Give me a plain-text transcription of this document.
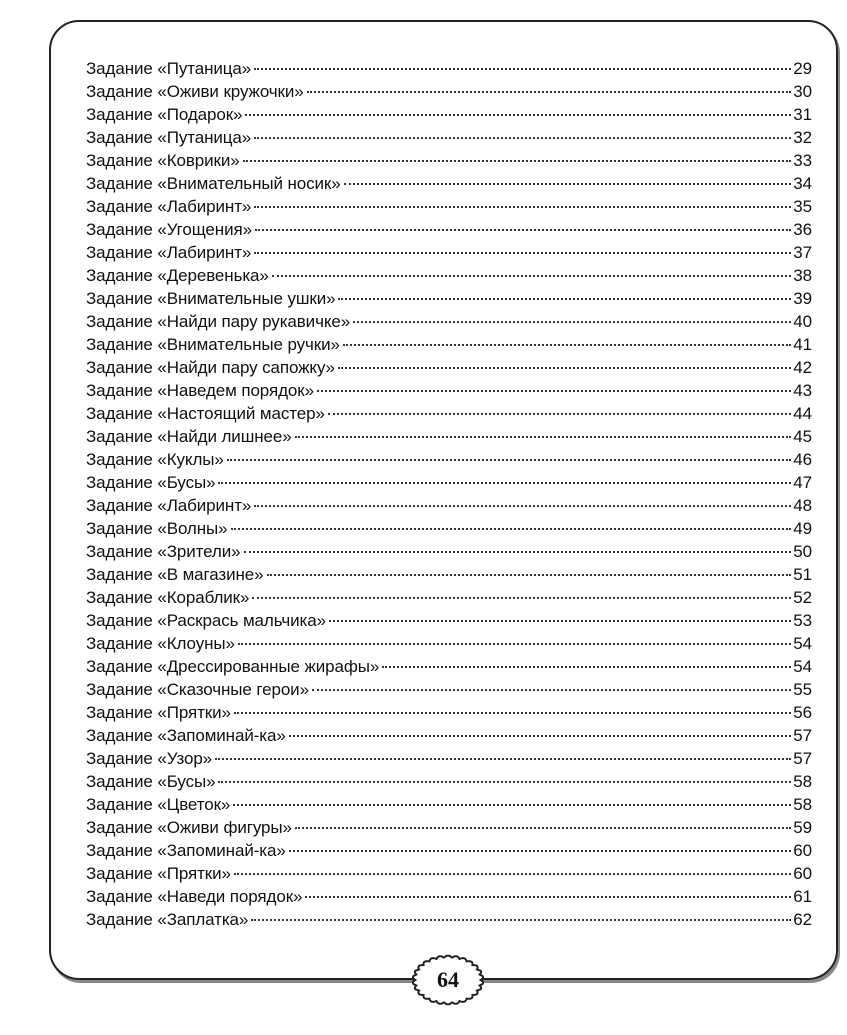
Задание «Путаница»	29
Задание «Оживи кружочки»	30
Задание «Подарок»	31
Задание «Путаница»	32
Задание «Коврики»	33
Задание «Внимательный носик»	34
Задание «Лабиринт»	35
Задание «Угощения»	36
Задание «Лабиринт»	37
Задание «Деревенька»	38
Задание «Внимательные ушки»	39
Задание «Найди пару рукавичке»	40
Задание «Внимательные ручки»	41
Задание «Найди пару сапожку»	42
Задание «Наведем порядок»	43
Задание «Настоящий мастер»	44
Задание «Найди лишнее»	45
Задание «Куклы»	46
Задание «Бусы»	47
Задание «Лабиринт»	48
Задание «Волны»	49
Задание «Зрители»	50
Задание «В магазине»	51
Задание «Кораблик»	52
Задание «Раскрась мальчика»	53
Задание «Клоуны»	54
Задание «Дрессированные жирафы»	54
Задание «Сказочные герои»	55
Задание «Прятки»	56
Задание «Запоминай-ка»	57
Задание «Узор»	57
Задание «Бусы»	58
Задание «Цветок»	58
Задание «Оживи фигуры»	59
Задание «Запоминай-ка»	60
Задание «Прятки»	60
Задание «Наведи порядок»	61
Задание «Заплатка»	62
64
